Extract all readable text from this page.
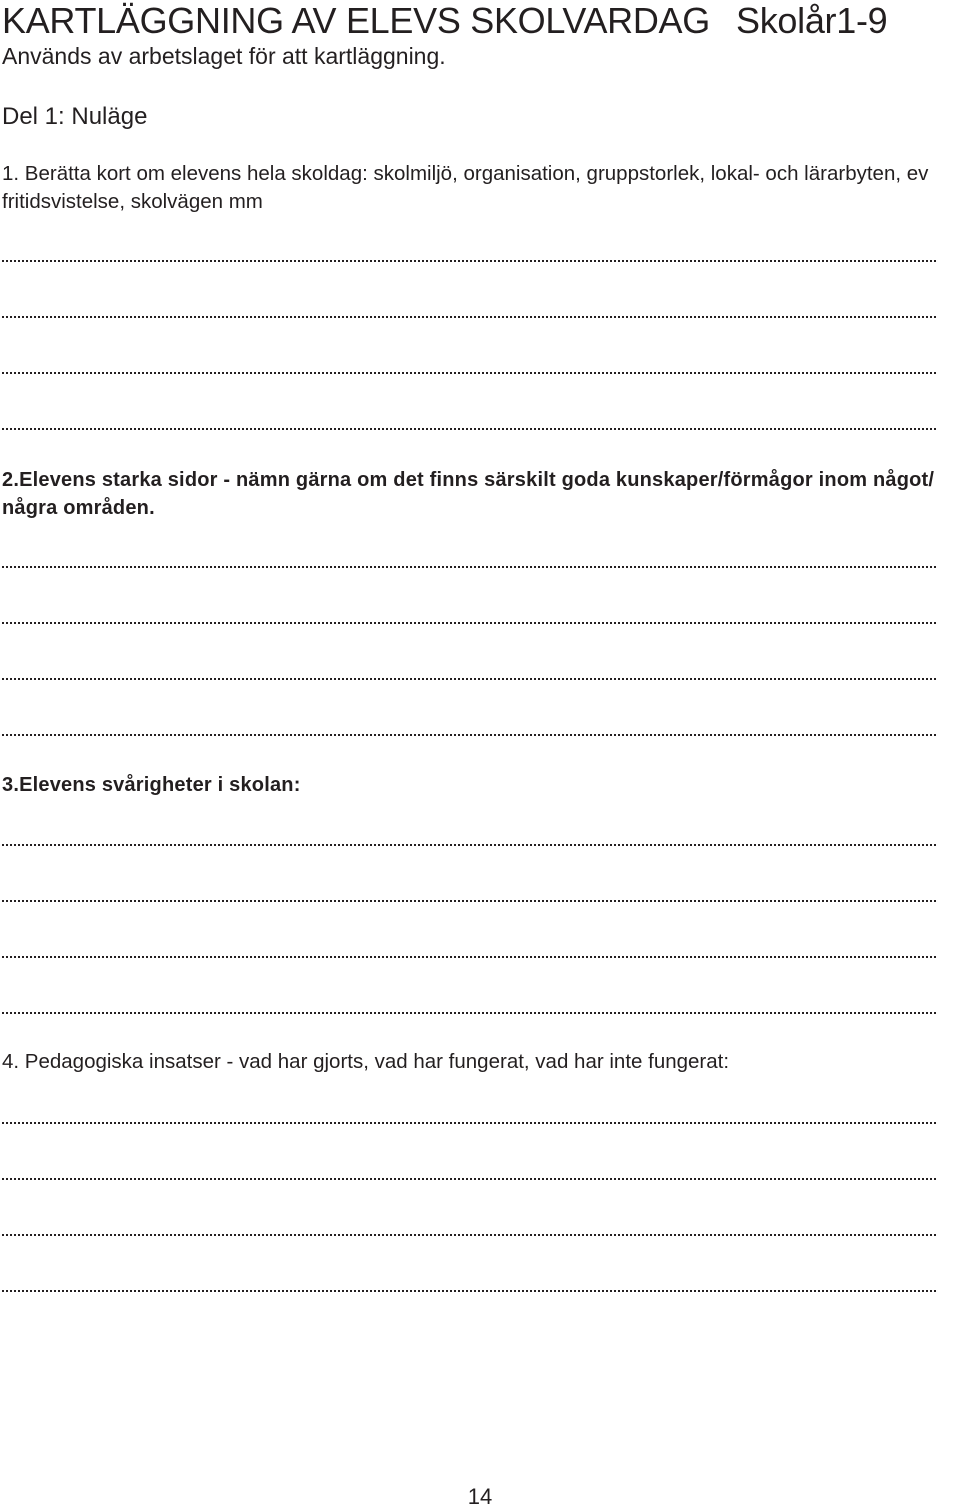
KARTLÄGGNING AV ELEVS SKOLVARDAG Skolår1-9
Används av arbetslaget för att kartläggning.
Del 1: Nuläge
1. Berätta kort om elevens hela skoldag: skolmiljö, organisation, gruppstorlek, lokal- och lärarbyten, ev fritidsvistelse, skolvägen mm
2.Elevens starka sidor - nämn gärna om det finns särskilt goda kunskaper/förmågor inom något/ några områden.
3.Elevens svårigheter i skolan:
4. Pedagogiska insatser - vad har gjorts, vad har fungerat, vad har inte fungerat:
14
